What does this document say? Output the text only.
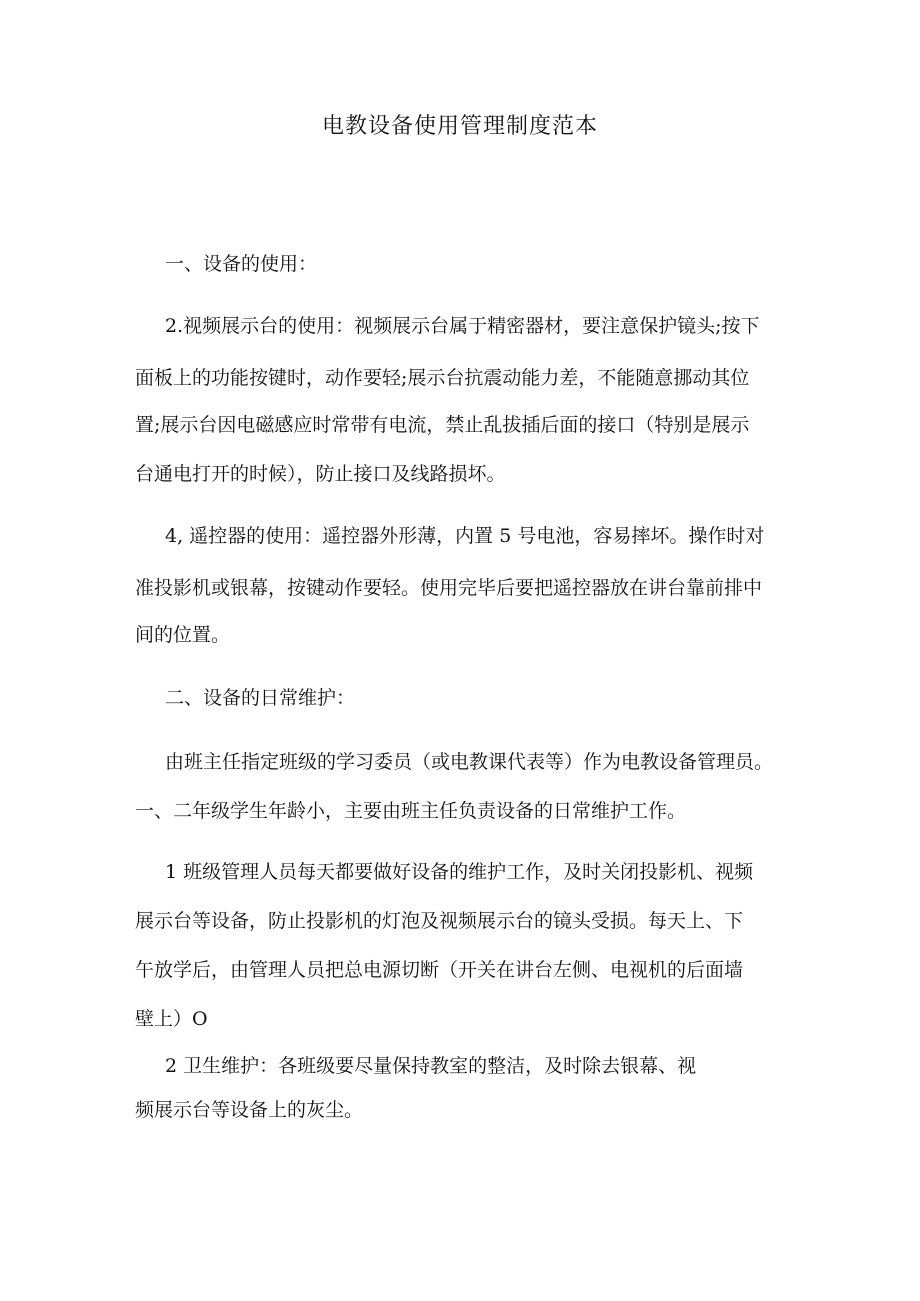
电教设备使用管理制度范本
一、设备的使用：
2.视频展示台的使用：视频展示台属于精密器材，要注意保护镜头;按下
面板上的功能按键时，动作要轻;展示台抗震动能力差，不能随意挪动其位
置;展示台因电磁感应时常带有电流，禁止乱拔插后面的接口（特别是展示
台通电打开的时候），防止接口及线路损坏。
4, 遥控器的使用：遥控器外形薄，内置 5 号电池，容易摔坏。操作时对
准投影机或银幕，按键动作要轻。使用完毕后要把遥控器放在讲台靠前排中
间的位置。
二、设备的日常维护：
由班主任指定班级的学习委员（或电教课代表等）作为电教设备管理员。
一、二年级学生年龄小，主要由班主任负责设备的日常维护工作。
1 班级管理人员每天都要做好设备的维护工作，及时关闭投影机、视频
展示台等设备，防止投影机的灯泡及视频展示台的镜头受损。每天上、下
午放学后，由管理人员把总电源切断（开关在讲台左侧、电视机的后面墙
壁上）O
2 卫生维护：各班级要尽量保持教室的整洁，及时除去银幕、视
频展示台等设备上的灰尘。
